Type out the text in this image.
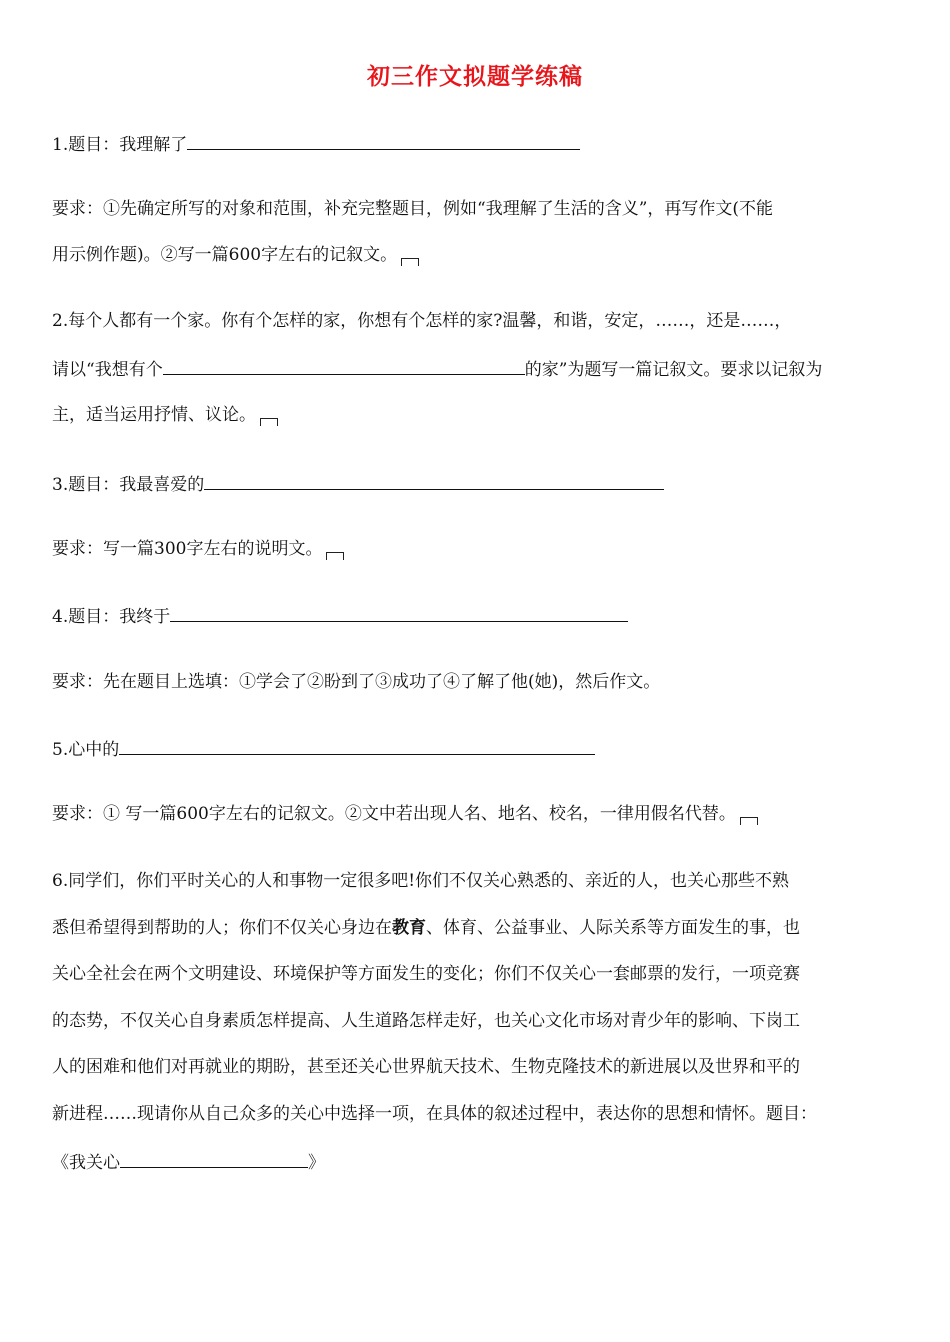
初三作文拟题学练稿
1.题目：我理解了
要求：①先确定所写的对象和范围，补充完整题目，例如“我理解了生活的含义”，再写作文(不能
用示例作题)。②写一篇600字左右的记叙文。
2.每个人都有一个家。你有个怎样的家，你想有个怎样的家?温馨，和谐，安定，……，还是……，
请以“我想有个	的家”为题写一篇记叙文。要求以记叙为
主，适当运用抒情、议论。
3.题目：我最喜爱的
要求：写一篇300字左右的说明文。
4.题目：我终于
要求：先在题目上选填：①学会了②盼到了③成功了④了解了他(她)，然后作文。
5.心中的
要求：① 写一篇600字左右的记叙文。②文中若出现人名、地名、校名，一律用假名代替。
6.同学们，你们平时关心的人和事物一定很多吧!你们不仅关心熟悉的、亲近的人，也关心那些不熟
悉但希望得到帮助的人；你们不仅关心身边在教育、体育、公益事业、人际关系等方面发生的事，也
关心全社会在两个文明建设、环境保护等方面发生的变化；你们不仅关心一套邮票的发行，一项竞赛
的态势，不仅关心自身素质怎样提高、人生道路怎样走好，也关心文化市场对青少年的影响、下岗工
人的困难和他们对再就业的期盼，甚至还关心世界航天技术、生物克隆技术的新进展以及世界和平的
新进程……现请你从自己众多的关心中选择一项，在具体的叙述过程中，表达你的思想和情怀。题目：
《我关心	》
